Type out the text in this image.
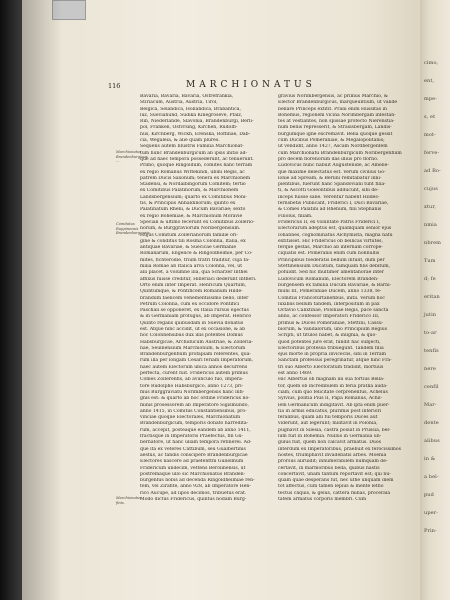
116	MARCHIONATUS
Marchionatus Brandenburgicus ...
Comitatus Ruppinensis Brandenburgensis.
Marchionatus finis.
Bavaria, Bavaria, Bavaria, Ostrefrankia,
Stiriacum, Austria, Austria, Tirol,
Belgica, Selandica, Hollandica, Brabantica,
luz, Sueviahund, Sudika Kinegroseve, Pfalz,
Rin, Niederlande, Slavonia, Brandenburgi, Berli-
pol, Franken, Ostvrsing, Kirchen, Rudolfi-
nus, Kirchberg, Wickh, Erenska, Roffinae, Dab-
cia, Wegaleia, & alie quam plures.
Sequens autem Illustris Familia Marchionat-
tum hunc Brandenburgicum ab ipsis initio ad-
que ad haec tempora possederunt, ac tenuerunt.
Primo, quoque Ringoldum, comites hanc terram
ex regio Romanus Wittekindi, ubini Regis, ac
patrem Ducis Saxonum; tenera ex Marchionem
Stadensi, & Nordalbingorum Comitem; tertio
ex Comitibus Palatinorum, & Marchionem
Landsbergensium; quarto ex Comitibus Moni-
tis, & Principiis Anhaldinorum; quinto ex
Palatinatum Rheni, & Ducum Bavariae; sexto
ex regio Bohemiae, & Marchionum Moravie
Speciali & ultimo fecerunt ex Comitibus Zollerio-
norum, & Burggraviorum Noribergensium.
Hujus Comitum Zollerianorum familie ori-
gine & conditus tili Rosma Colonna, Italia, ex
antiquae Bavariae, & Suecicae Germanie
Romanarum, Engelice & Ringoldheimie, per Co-
mites, fichterodie, trium fratri traditur, cuja fa-
milia Romae ab Italica arva Colonna, vel, ut
alii placet, a volumne illa, qua Scharzer Inthei
affixus fuisse creditur, Hilleriaci dederunt Intheri.
Orto enim inter Imperat. Henricum Quartum,
Quintumque, & Pontificem Romanum Hilde-
brandum faelicem vehementissimo bello, inter
Petrum Colonna, cum ex occidore Pontifici
Paschali se opponeret, ex Italia rursus eijectus
& in Germaniam profugus, ab Imperat. Henrico
Quinto regalis quibusdam in Suevia donatus
est. Atque hinc accidit, ut ex occasione, & ab
hoc Colonnensibus dux illis potentes Domus
Habsburgicae, Archiducum Austriae, & Zolleria-
nae, Seulnensium Marchionum, & Electorum
Brandenburgenfium profapiam referentes, qua-
rum illa per longam Cesari feriam Imperatorum,
haec autem Electorum ubica annos decurrens
perfecta, curent fuit. Fridericus autem primus
Comes Zollerenfis, ab avunculo fuo, Impera-
tore Rudolpho Habsburgico, anno 1273, pri-
mus Burggraviatu Norimbergensis hanc infi-
gnis est: & quarto ab hoc ordine Fridericus no-
minis prosessorem ab Imperatore Sigismundo,
anno 1415, in Comitiis Constantiensibus, pro-
vinciae quoque Electorales, Marchionatum
Brandenburgicum, temporis donato harredita-
rum, accepit, posteaque eandem ab anno 1411,
fractisque in Imperatoris Praefectus, fin Gu-
bernatore, ut hanc ullam tempora retinerei. Ad-
que ita ex veteres Cattibum, seu Gualbertinis
aestus, ac tandis conscipere Brandenburgicae
Electores nascere ad praefenttm Gulielmum
Fridericum undecim, vettens Berolinensis, ut
postremaque ullo sic Marchionatus Branden-
burgenfus nobis ad decenda Ringoldheimiae ren-
tem, vel Zirafite, anno 928, ab Imperatore Hen-
rico Aucupe, ad lipos decimos, tribuetus erat.
Modo dictus Fridericus, quintus nodam Burg-
gravius Norimbergensis, ac primus Marchio, &
Elector Brandenburgicus, marqueuntium, ut valide
bellare Princeps extitit. Pralii enim Hussitas in
Bohemus, regionem vicina Norimbergam infestan-
tes at vestiantes, non spissae profecto Nierenstia-
num bellis represserit, & Strasisbergam, Landis-
burgumque igne excremavit. Bella quoque gessit
cum Ducibus Pomeraniae, & Megalopolitanis;
ut vendidit, anno 1427, Ascam Nordbergenfem
cum Marchionatu Brandenburgicum Noribergenfium
pro decem florenorum das illius pro florno.
Ludovicus hunc habuit Augustenide, ac Amelie-
que maxime delectatus est. Verum civilius Go-
lonie ad Spream, & Berlini remitabatur inni-
pientibus, fuerunt hanc Spandoviani tunt filia-
ti, & Ascotti Goleontibus adducunt, sibi de-
inceps fuisse sane. Verentur habent Hildes-
fernsbetis Publicant, Friderici I, Duci Bavariae,
& Comes Palatini ad Rhenum, filii Stephanis
Filiolus, filiam.
Fridericus II, ex voluntate Patris Friderici I,
Electorarum adeptus est, quamquam senior ejus
Iohannes, cognominatus Alchymista, magna natu
extitisset. Hic Fridericus ob bellicas virtutes,
ferque gestas, Marchio ab infernam corrope-
ciquatis est. Pomeranis enim cum nonnullis
Principibus foederatis bellum intulit, dum per
Stettinensium Ducatum, tamquam filis debitum,
pofuidit. Sed hic multimer amentahorae inter
Ludovicum Romanum, Electorem Branden-
burgensem ex familia Ducum Bavariae, & Barni-
muni III, Pomeraniae Ducem, anno 1338, fe-
Comitiis Francofurtanefibus, initii. Verum hoc
luxiblis bellum tandem, interpositum in pax
Octavio Calixtinae, Poloniae Regis, pace sancta
anno, ac confessor Imperatori Friderico III,
primus & Duces Pomeraniae, Stettini, Cassu-
biorum, & Vandalorum, uno Principium Regius
Scripti, ut titulos habet, & inlignia, & quo-
quod potentes jure erat, fundit hac subjecti,
Electoribus professa tribuegunt. Tandem filia
ejus morte in propria inviceclis, sibi in Terram
Sanctam professus peregrinatur, atque hinc Fra-
tri suo Alberto Electoratum tradidit, mortuus
est anno 1469.
Hic Albertus ob magnam illi sua fortius Bella-
tor, quem ob incredibilem in feria pratlia auda-
ciam, cum quo felicitate cerprehenfus, Achelus
Sylvius, politia Pius II, Papa Romanus, Achil-
lem Germanicum indigitavit. Ab ipfa enim puer-
tia in armis educatus, plurimis post interiori
feralibus, quam alli fui temporis Duces aut
viderunt, aut legerunt; militavit in Polonia,
pugnavit in Silesia, castra posuit in Prussia, bel-
lum fuit in Bohemia. Nullus in Germania un-
gulus fuit, quem non calcavit armatus. Duos
interdum ex Imperatoribus, praebuit ex ferocissimos
hostes, triumphavit invadebatis arbes. Moenia
prorsus aliruidit; innumerabilem numquam de-
certavit, in marmoribus bella, quibus hastis
concertavit, unam tantum reportavit est; qui nu-
quam quae desperans fut, nec ufhe unquam diem
tot affectus, cum tamen lepius & mente letho
tectus cliquis, & gelus, cattera mihas, procerala
tatem armatus corporis membri. Cum
cimo,
ent,
mpe-
s, et
mot-
ferve-
ad Bo-
cujus
xtur,
nmia
nbrem
Tum
d; fe
eritan
jutin
to-ar
tenfis
nere
cenfil
Mar-
dente
alibus
in &
a bel-
pud
uper-
Prin-
